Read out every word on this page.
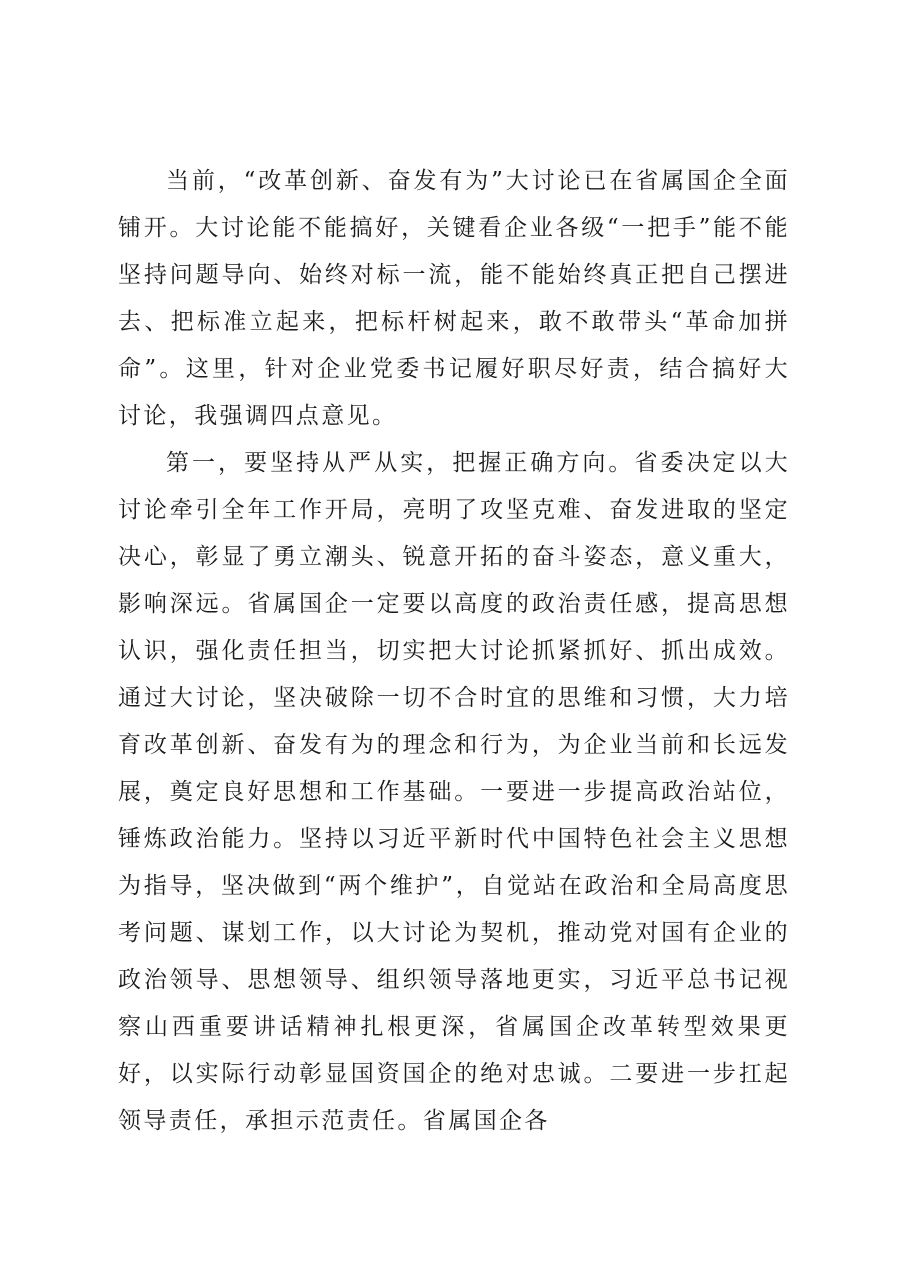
当前，“改革创新、奋发有为”大讨论已在省属国企全面铺开。大讨论能不能搞好，关键看企业各级“一把手”能不能坚持问题导向、始终对标一流，能不能始终真正把自己摆进去、把标准立起来，把标杆树起来，敢不敢带头“革命加拼命”。这里，针对企业党委书记履好职尽好责，结合搞好大讨论，我强调四点意见。

第一，要坚持从严从实，把握正确方向。省委决定以大讨论牵引全年工作开局，亮明了攻坚克难、奋发进取的坚定决心，彰显了勇立潮头、锐意开拓的奋斗姿态，意义重大，影响深远。省属国企一定要以高度的政治责任感，提高思想认识，强化责任担当，切实把大讨论抓紧抓好、抓出成效。通过大讨论，坚决破除一切不合时宜的思维和习惯，大力培育改革创新、奋发有为的理念和行为，为企业当前和长远发展，奠定良好思想和工作基础。一要进一步提高政治站位，锤炼政治能力。坚持以习近平新时代中国特色社会主义思想为指导，坚决做到“两个维护”，自觉站在政治和全局高度思考问题、谋划工作，以大讨论为契机，推动党对国有企业的政治领导、思想领导、组织领导落地更实，习近平总书记视察山西重要讲话精神扎根更深，省属国企改革转型效果更好，以实际行动彰显国资国企的绝对忠诚。二要进一步扛起领导责任，承担示范责任。省属国企各
